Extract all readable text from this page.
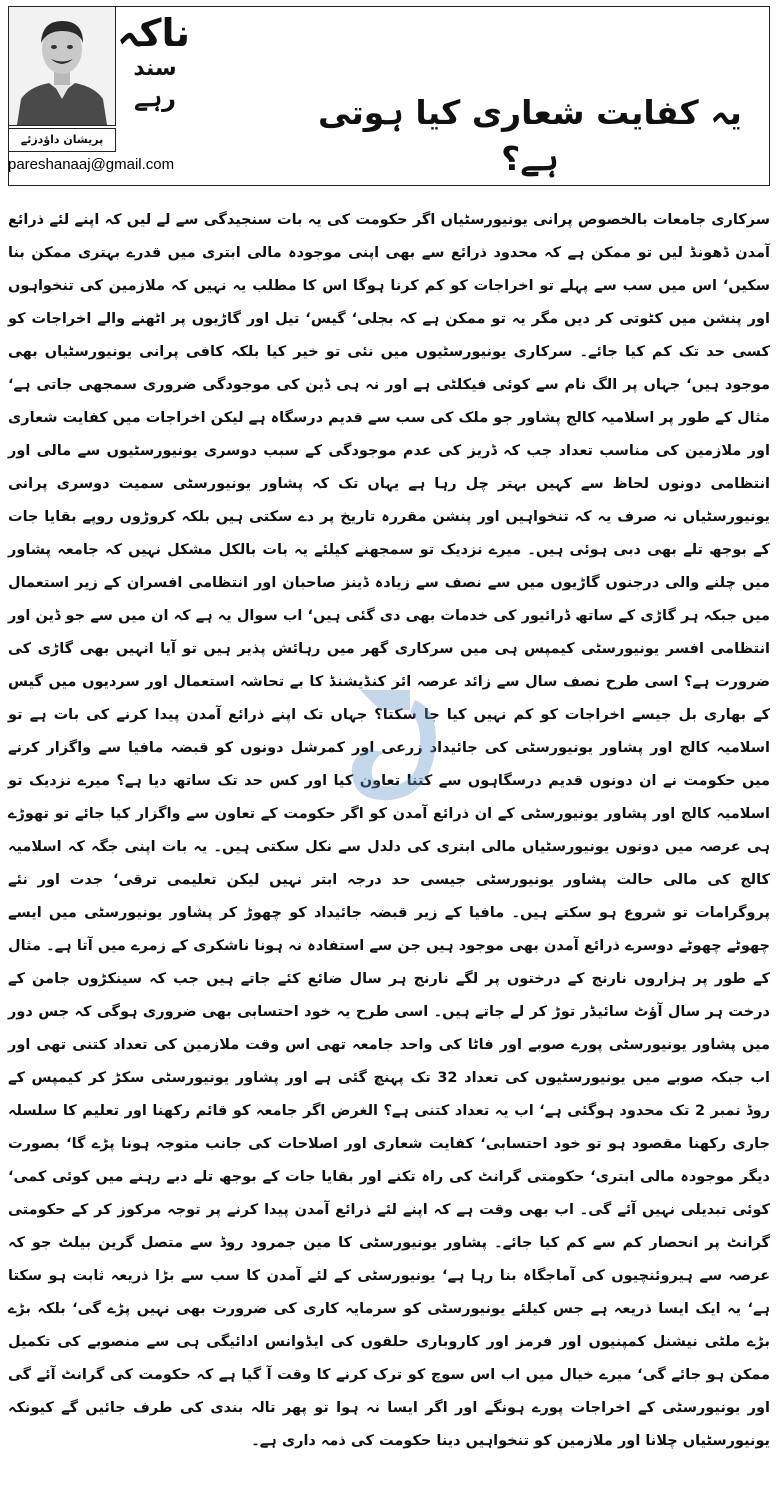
پریشان داؤدزئے
ناکہ
سند
رہے
pareshanaaj@gmail.com
یہ کفایت شعاری کیا ہوتی ہے؟

سرکاری جامعات بالخصوص پرانی یونیورسٹیاں اگر حکومت کی یہ بات سنجیدگی سے لے لیں کہ اپنے لئے ذرائع آمدن ڈھونڈ لیں تو ممکن ہے کہ محدود ذرائع سے بھی اپنی موجودہ مالی ابتری میں قدرے بہتری ممکن بنا سکیں‘ اس میں سب سے پہلے تو اخراجات کو کم کرنا ہوگا اس کا مطلب یہ نہیں کہ ملازمین کی تنخواہوں اور پنشن میں کٹوتی کر دیں مگر یہ تو ممکن ہے کہ بجلی‘ گیس‘ تیل اور گاڑیوں پر اٹھنے والے اخراجات کو کسی حد تک کم کیا جائے۔ سرکاری یونیورسٹیوں میں نئی تو خیر کیا بلکہ کافی پرانی یونیورسٹیاں بھی موجود ہیں‘ جہاں پر الگ نام سے کوئی فیکلٹی ہے اور نہ ہی ڈین کی موجودگی ضروری سمجھی جاتی ہے‘ مثال کے طور پر اسلامیہ کالج پشاور جو ملک کی سب سے قدیم درسگاہ ہے لیکن اخراجات میں کفایت شعاری اور ملازمین کی مناسب تعداد جب کہ ڈریز کی عدم موجودگی کے سبب دوسری یونیورسٹیوں سے مالی اور انتظامی دونوں لحاظ سے کہیں بہتر چل رہا ہے یہاں تک کہ پشاور یونیورسٹی سمیت دوسری پرانی یونیورسٹیاں نہ صرف یہ کہ تنخواہیں اور پنشن مقررہ تاریخ پر دے سکتی ہیں بلکہ کروڑوں روپے بقایا جات کے بوجھ تلے بھی دبی ہوئی ہیں۔ میرے نزدیک تو سمجھنے کیلئے یہ بات بالکل مشکل نہیں کہ جامعہ پشاور میں چلنے والی درجنوں گاڑیوں میں سے نصف سے زیادہ ڈینز صاحبان اور انتظامی افسران کے زیر استعمال میں جبکہ ہر گاڑی کے ساتھ ڈرائیور کی خدمات بھی دی گئی ہیں‘ اب سوال یہ ہے کہ ان میں سے جو ڈین اور انتظامی افسر یونیورسٹی کیمپس ہی میں سرکاری گھر میں رہائش پذیر ہیں تو آیا انہیں بھی گاڑی کی ضرورت ہے؟ اسی طرح نصف سال سے زائد عرصہ ائر کنڈیشنڈ کا بے تحاشہ استعمال اور سردیوں میں گیس کے بھاری بل جیسے اخراجات کو کم نہیں کیا جا سکتا؟ جہاں تک اپنے ذرائع آمدن پیدا کرنے کی بات ہے تو اسلامیہ کالج اور پشاور یونیورسٹی کی جائیداد زرعی اور کمرشل دونوں کو قبضہ مافیا سے واگزار کرنے میں حکومت نے ان دونوں قدیم درسگاہوں سے کتنا تعاون کیا اور کس حد تک ساتھ دیا ہے؟ میرے نزدیک تو اسلامیہ کالج اور پشاور یونیورسٹی کے ان ذرائع آمدن کو اگر حکومت کے تعاون سے واگزار کیا جائے تو تھوڑے ہی عرصہ میں دونوں یونیورسٹیاں مالی ابتری کی دلدل سے نکل سکتی ہیں۔ یہ بات اپنی جگہ کہ اسلامیہ کالج کی مالی حالت پشاور یونیورسٹی جیسی حد درجہ ابتر نہیں لیکن تعلیمی ترقی‘ جدت اور نئے پروگرامات تو شروع ہو سکتے ہیں۔ مافیا کے زیر قبضہ جائیداد کو چھوڑ کر پشاور یونیورسٹی میں ایسے چھوٹے چھوٹے دوسرے ذرائع آمدن بھی موجود ہیں جن سے استفادہ نہ ہونا ناشکری کے زمرے میں آتا ہے۔ مثال کے طور پر ہزاروں نارنج کے درختوں پر لگے نارنج ہر سال ضائع کئے جاتے ہیں جب کہ سینکڑوں جامن کے درخت ہر سال آؤٹ سائیڈر توڑ کر لے جاتے ہیں۔ اسی طرح یہ خود احتسابی بھی ضروری ہوگی کہ جس دور میں پشاور یونیورسٹی پورے صوبے اور فاٹا کی واحد جامعہ تھی اس وقت ملازمین کی تعداد کتنی تھی اور اب جبکہ صوبے میں یونیورسٹیوں کی تعداد 32 تک پہنچ گئی ہے اور پشاور یونیورسٹی سکڑ کر کیمپس کے روڈ نمبر 2 تک محدود ہوگئی ہے‘ اب یہ تعداد کتنی ہے؟ الغرض اگر جامعہ کو قائم رکھنا اور تعلیم کا سلسلہ جاری رکھنا مقصود ہو تو خود احتسابی‘ کفایت شعاری اور اصلاحات کی جانب متوجہ ہونا پڑے گا‘ بصورت دیگر موجودہ مالی ابتری‘ حکومتی گرانٹ کی راہ تکنے اور بقایا جات کے بوجھ تلے دبے رہنے میں کوئی کمی‘ کوئی تبدیلی نہیں آئے گی۔ اب بھی وقت ہے کہ اپنے لئے ذرائع آمدن پیدا کرنے پر توجہ مرکوز کر کے حکومتی گرانٹ پر انحصار کم سے کم کیا جائے۔ پشاور یونیورسٹی کا مین جمرود روڈ سے متصل گرین بیلٹ جو کہ عرصہ سے ہیروئنچیوں کی آماجگاہ بنا رہا ہے‘ یونیورسٹی کے لئے آمدن کا سب سے بڑا ذریعہ ثابت ہو سکتا ہے‘ یہ ایک ایسا ذریعہ ہے جس کیلئے یونیورسٹی کو سرمایہ کاری کی ضرورت بھی نہیں پڑے گی‘ بلکہ بڑے بڑے ملٹی نیشنل کمپنیوں اور فرمز اور کاروباری حلقوں کی ایڈوانس ادائیگی ہی سے منصوبے کی تکمیل ممکن ہو جائے گی‘ میرے خیال میں اب اس سوچ کو ترک کرنے کا وقت آ گیا ہے کہ حکومت کی گرانٹ آئے گی اور یونیورسٹی کے اخراجات پورے ہونگے اور اگر ایسا نہ ہوا تو پھر تالہ بندی کی طرف جائیں گے کیونکہ یونیورسٹیاں چلانا اور ملازمین کو تنخواہیں دینا حکومت کی ذمہ داری ہے۔
